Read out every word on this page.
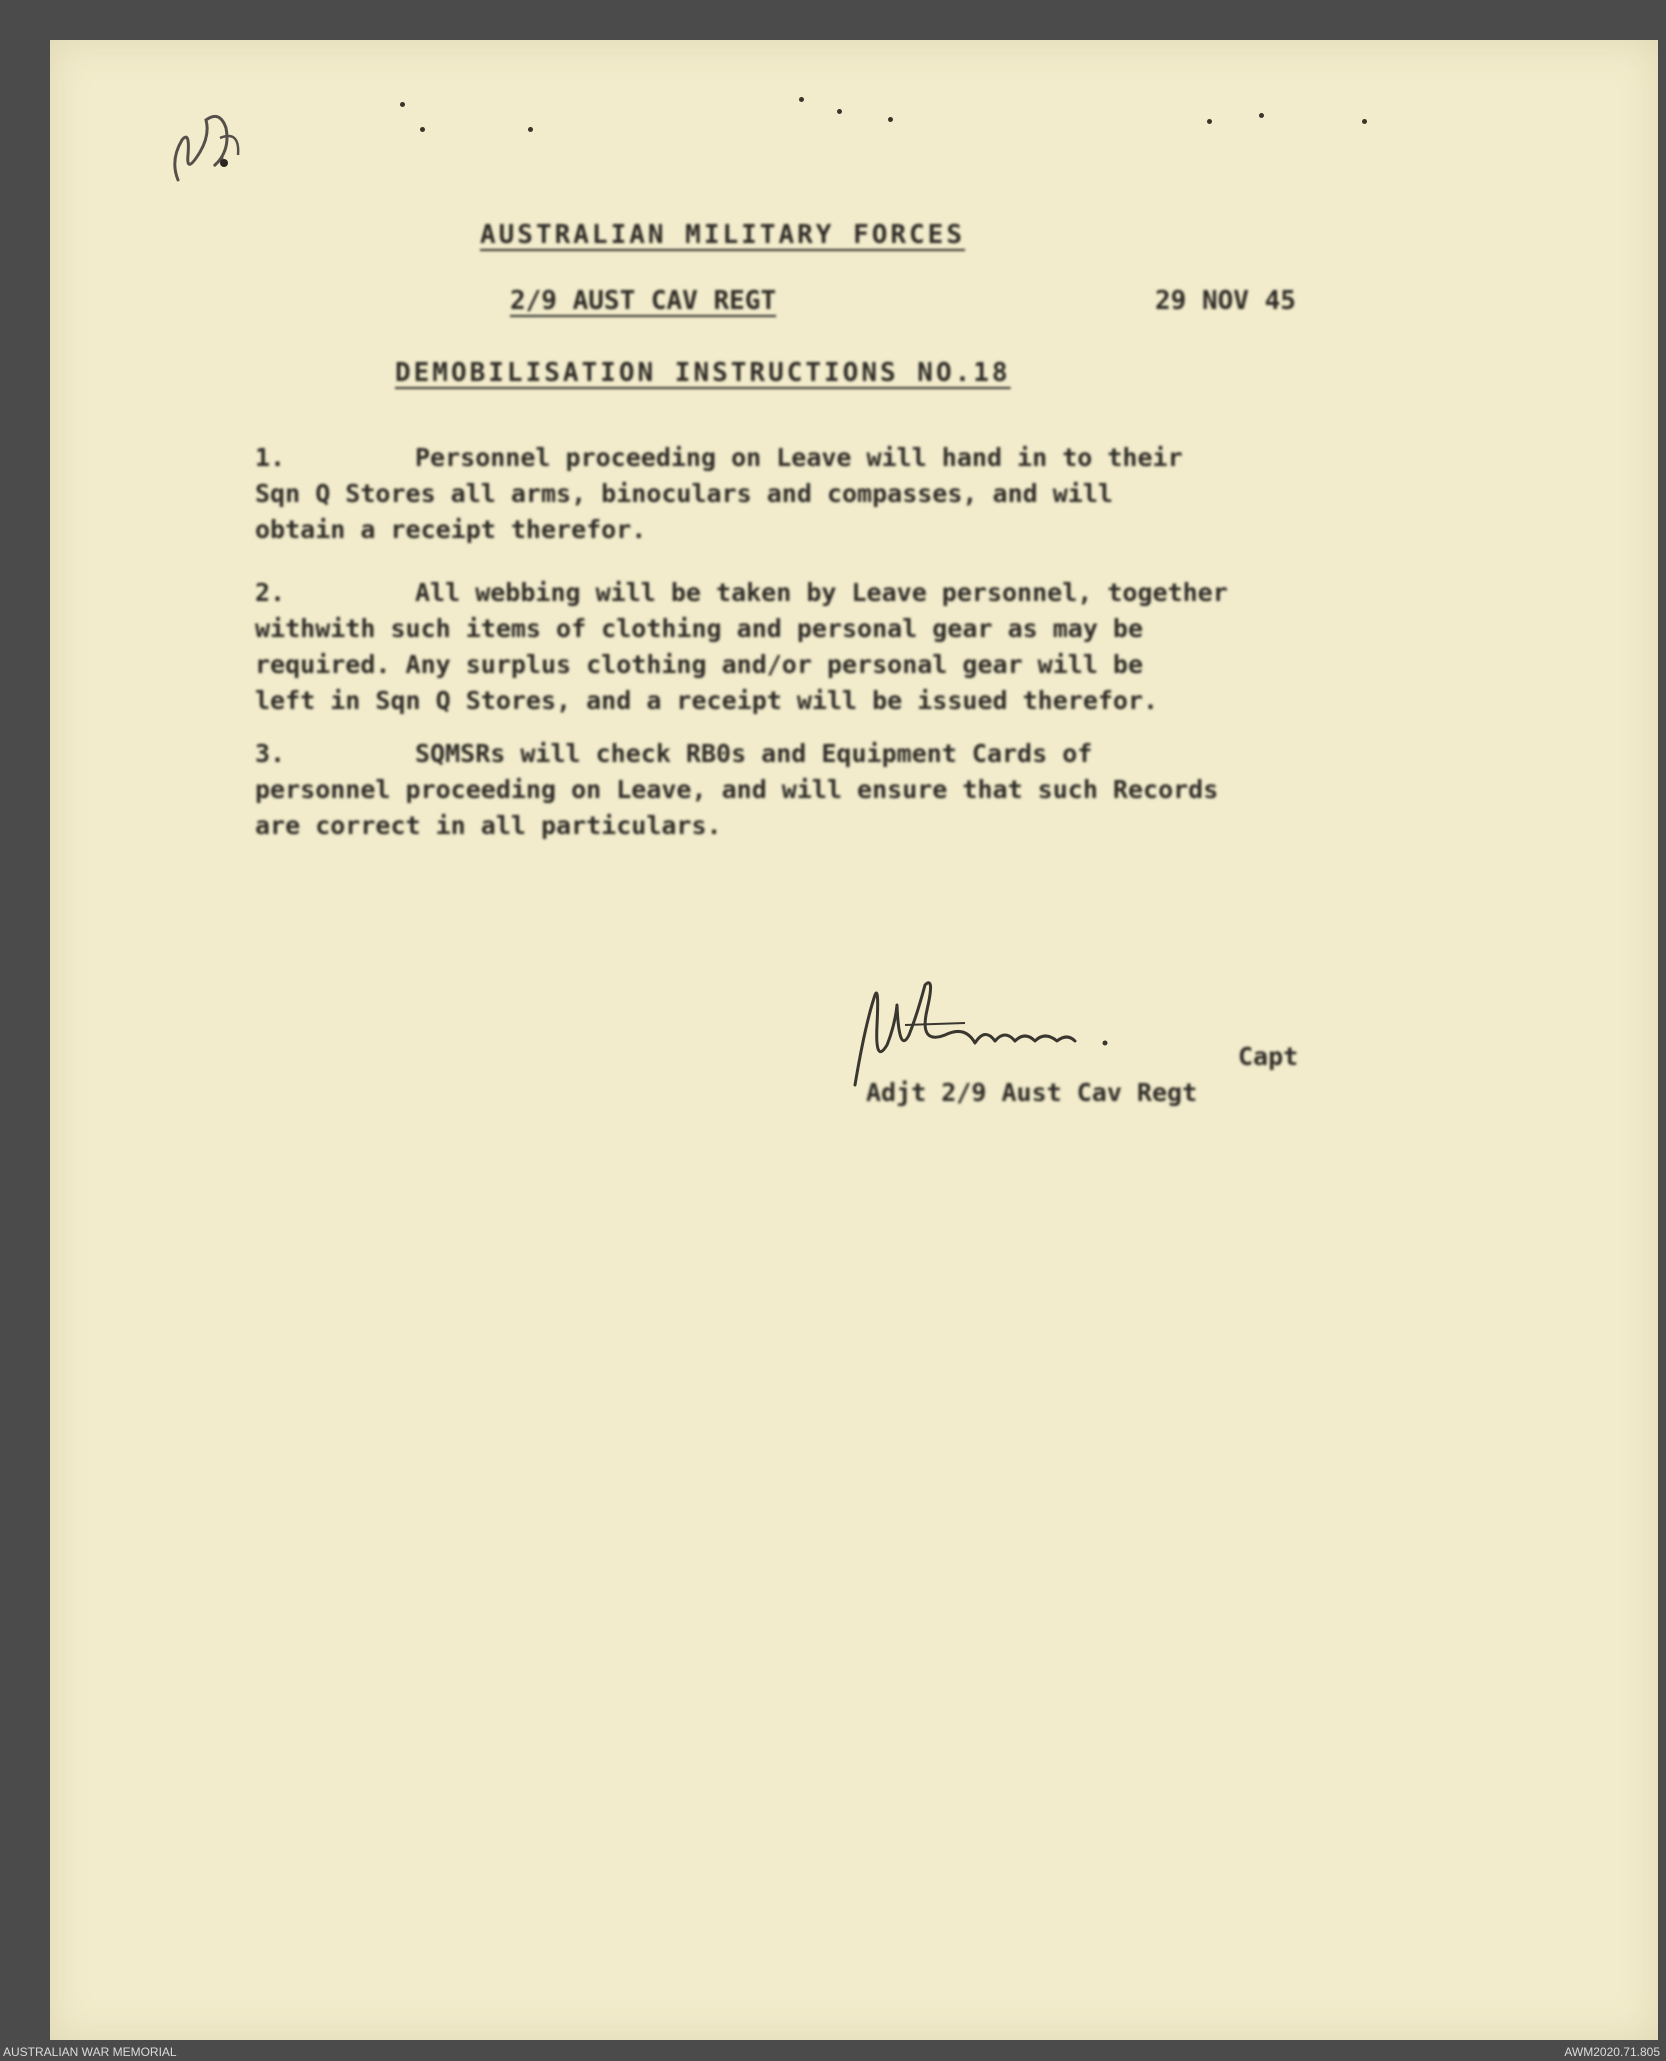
AUSTRALIAN MILITARY FORCES
2/9 AUST CAV REGT	29 NOV 45
DEMOBILISATION INSTRUCTIONS NO.18
1.	Personnel proceeding on Leave will hand in to their
Sqn Q Stores all arms, binoculars and compasses, and will
obtain a receipt therefor.
2.	All webbing will be taken by Leave personnel, together
withwith such items of clothing and personal gear as may be
required. Any surplus clothing and/or personal gear will be
left in Sqn Q Stores, and a receipt will be issued therefor.
3.	SQMSRs will check RB0s and Equipment Cards of
personnel proceeding on Leave, and will ensure that such Records
are correct in all particulars.
Capt
Adjt 2/9 Aust Cav Regt
AUSTRALIAN WAR MEMORIAL	AWM2020.71.805
